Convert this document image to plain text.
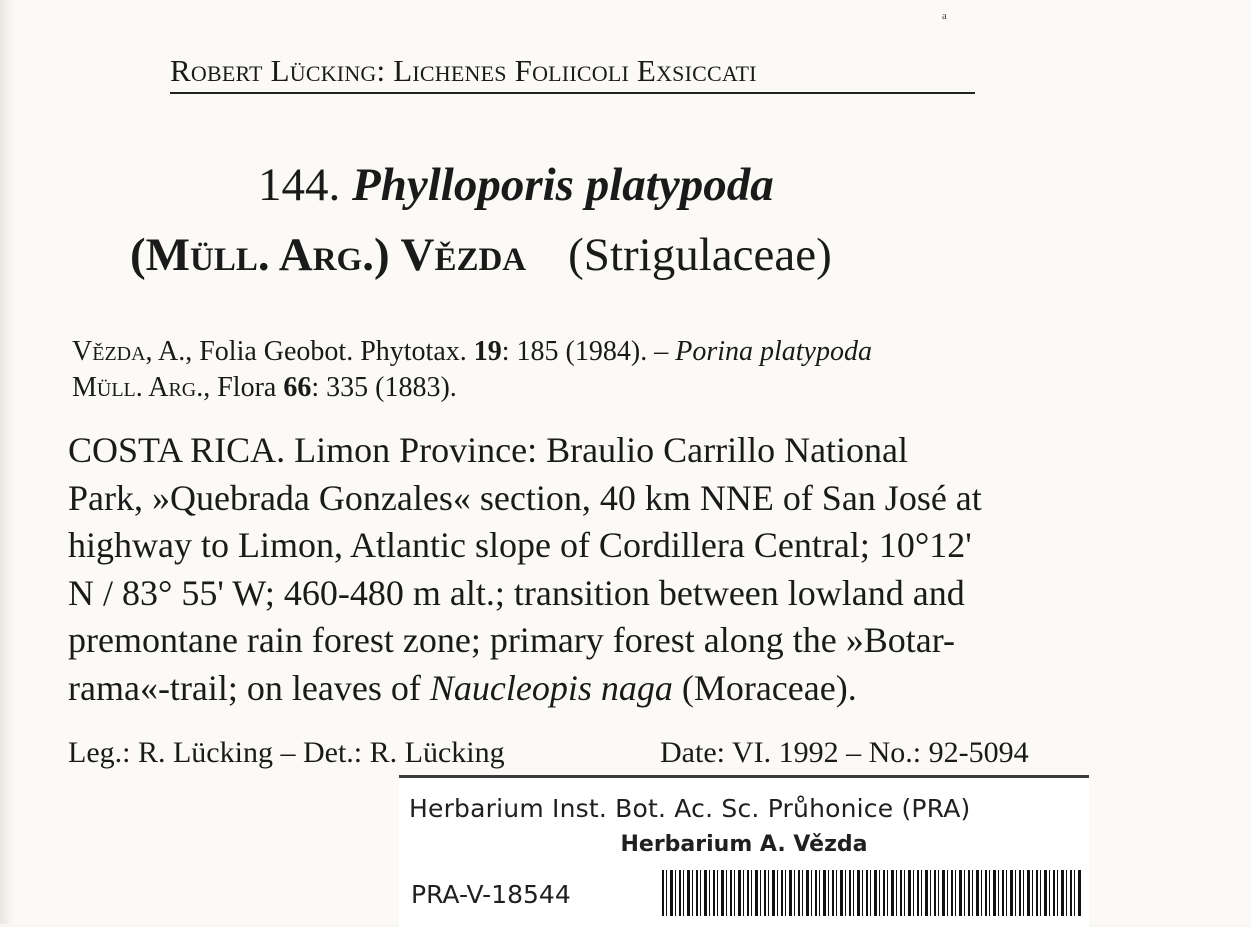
ᵃ
Robert Lücking: Lichenes Foliicoli Exsiccati
144. Phylloporis platypoda
(Müll. Arg.) Vězda (Strigulaceae)
Vězda, A., Folia Geobot. Phytotax. 19: 185 (1984). – Porina platypoda
Müll. Arg., Flora 66: 335 (1883).
COSTA RICA. Limon Province: Braulio Carrillo National
Park, »Quebrada Gonzales« section, 40 km NNE of San José at
highway to Limon, Atlantic slope of Cordillera Central; 10°12'
N / 83° 55' W; 460-480 m alt.; transition between lowland and
premontane rain forest zone; primary forest along the »Botar-
rama«-trail; on leaves of Naucleopis naga (Moraceae).
Leg.: R. Lücking – Det.: R. Lücking	Date: VI. 1992 – No.: 92-5094
Herbarium Inst. Bot. Ac. Sc. Průhonice (PRA)
Herbarium A. Vězda
PRA-V-18544
